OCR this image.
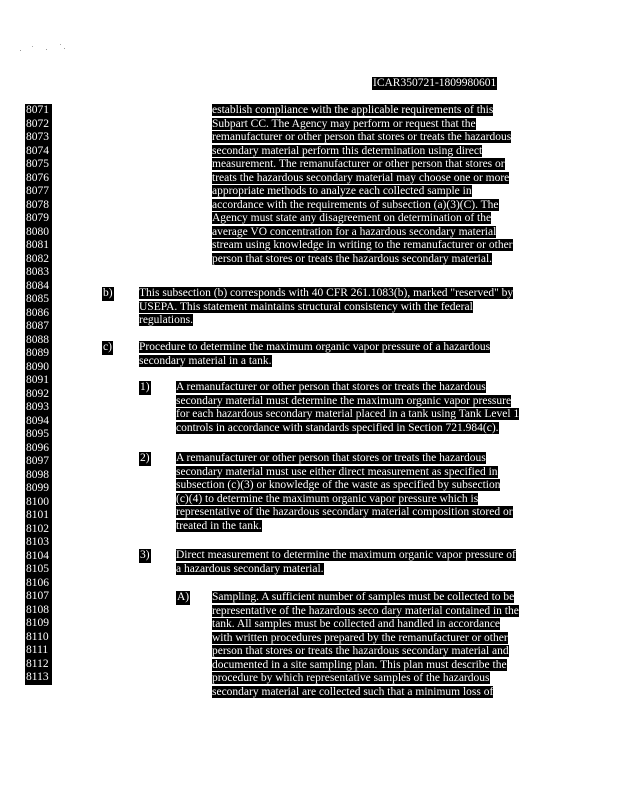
ICAR350721-1809980601
8071
8072
8073
8074
8075
8076
8077
8078
8079
8080
8081
8082
8083
8084
8085
8086
8087
8088
8089
8090
8091
8092
8093
8094
8095
8096
8097
8098
8099
8100
8101
8102
8103
8104
8105
8106
8107
8108
8109
8110
8111
8112
8113
establish compliance with the applicable requirements of this
Subpart CC. The Agency may perform or request that the
remanufacturer or other person that stores or treats the hazardous
secondary material perform this determination using direct
measurement. The remanufacturer or other person that stores or
treats the hazardous secondary material may choose one or more
appropriate methods to analyze each collected sample in
accordance with the requirements of subsection (a)(3)(C). The
Agency must state any disagreement on determination of the
average VO concentration for a hazardous secondary material
stream using knowledge in writing to the remanufacturer or other
person that stores or treats the hazardous secondary material.
b) This subsection (b) corresponds with 40 CFR 261.1083(b), marked "reserved" by
USEPA. This statement maintains structural consistency with the federal
regulations.
c) Procedure to determine the maximum organic vapor pressure of a hazardous
secondary material in a tank.
1) A remanufacturer or other person that stores or treats the hazardous
secondary material must determine the maximum organic vapor pressure
for each hazardous secondary material placed in a tank using Tank Level 1
controls in accordance with standards specified in Section 721.984(c).
2) A remanufacturer or other person that stores or treats the hazardous
secondary material must use either direct measurement as specified in
subsection (c)(3) or knowledge of the waste as specified by subsection
(c)(4) to determine the maximum organic vapor pressure which is
representative of the hazardous secondary material composition stored or
treated in the tank.
3) Direct measurement to determine the maximum organic vapor pressure of
a hazardous secondary material.
A) Sampling. A sufficient number of samples must be collected to be
representative of the hazardous seco dary material contained in the
tank. All samples must be collected and handled in accordance
with written procedures prepared by the remanufacturer or other
person that stores or treats the hazardous secondary material and
documented in a site sampling plan. This plan must describe the
procedure by which representative samples of the hazardous
secondary material are collected such that a minimum loss of
